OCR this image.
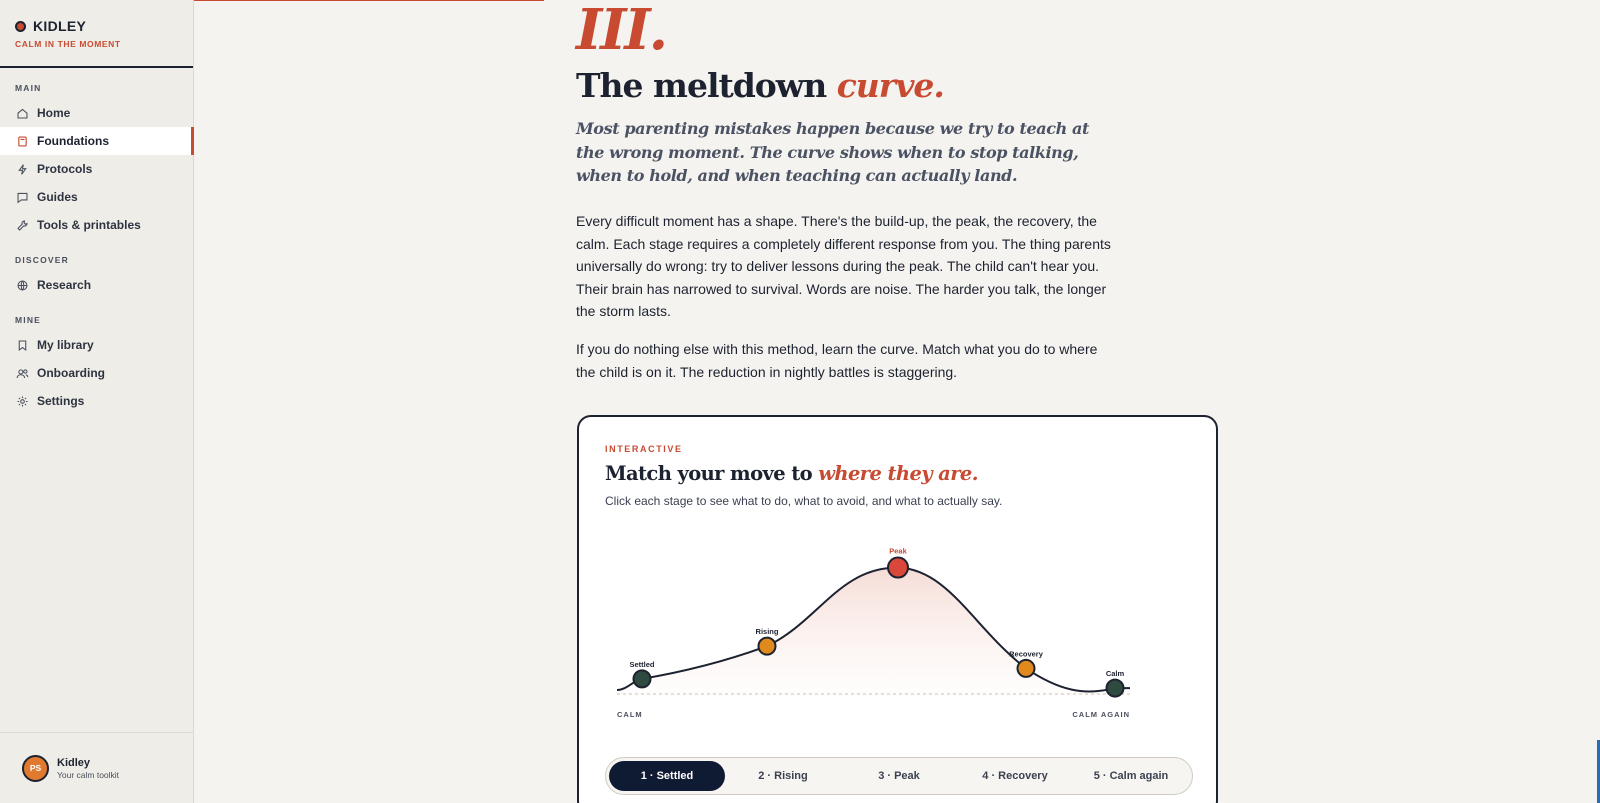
KIDLEY
CALM IN THE MOMENT
MAIN
Home
Foundations
Protocols
Guides
Tools & printables
DISCOVER
Research
MINE
My library
Onboarding
Settings
PS	Kidley
Your calm toolkit
III.
The meltdown curve.

Most parenting mistakes happen because we try to teach at the wrong moment. The curve shows when to stop talking, when to hold, and when teaching can actually land.

Every difficult moment has a shape. There's the build-up, the peak, the recovery, the calm. Each stage requires a completely different response from you. The thing parents universally do wrong: try to deliver lessons during the peak. The child can't hear you. Their brain has narrowed to survival. Words are noise. The harder you talk, the longer the storm lasts.

If you do nothing else with this method, learn the curve. Match what you do to where the child is on it. The reduction in nightly battles is staggering.

INTERACTIVE
Match your move to where they are.
Click each stage to see what to do, what to avoid, and what to actually say.
Settled
Rising
Peak
Recovery
Calm
CALM	CALM AGAIN
1 · Settled	2 · Rising	3 · Peak	4 · Recovery	5 · Calm again
